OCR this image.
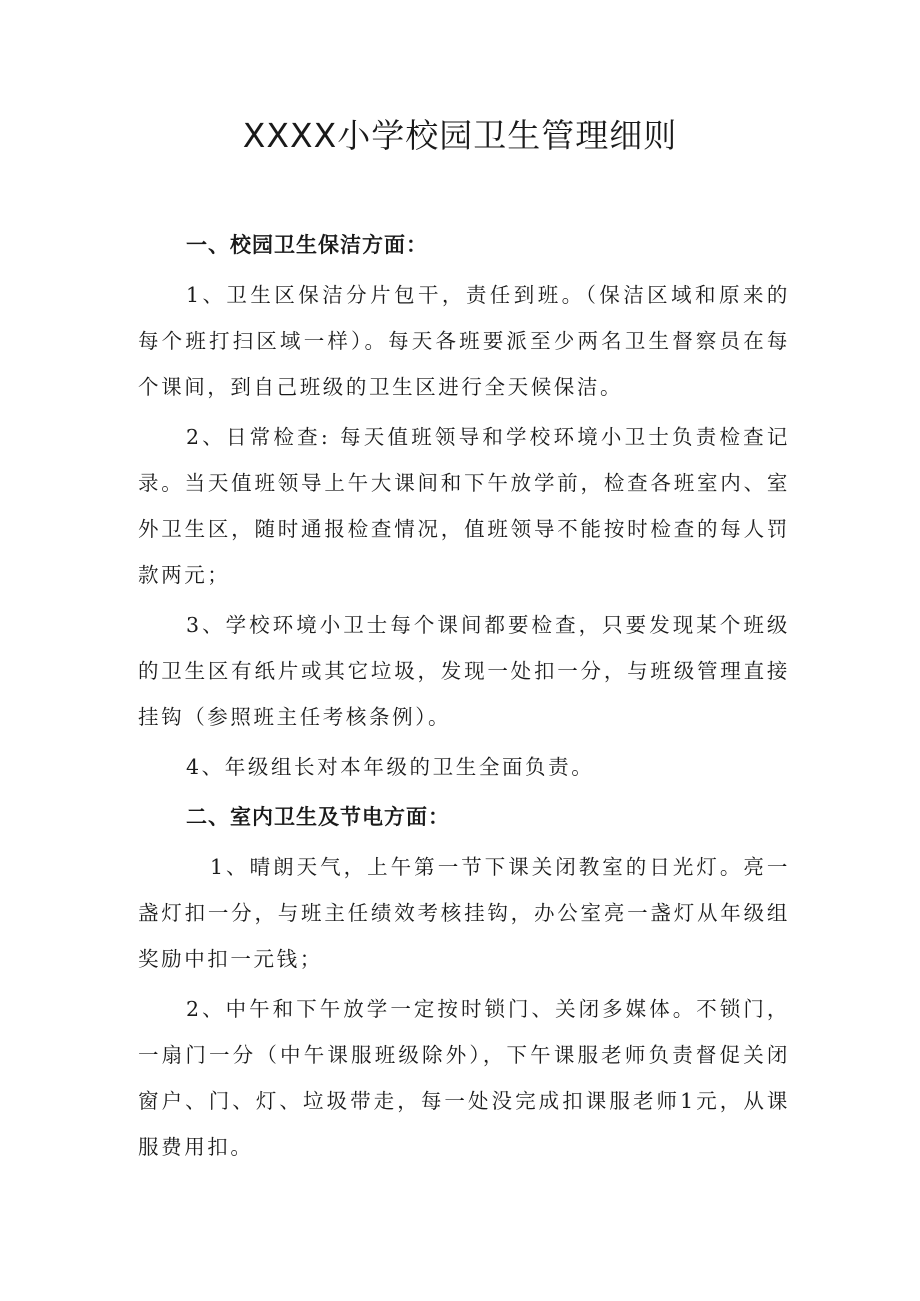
XXXX小学校园卫生管理细则

一、校园卫生保洁方面：

1、卫生区保洁分片包干，责任到班。（保洁区域和原来的每个班打扫区域一样）。每天各班要派至少两名卫生督察员在每个课间，到自己班级的卫生区进行全天候保洁。

2、日常检查: 每天值班领导和学校环境小卫士负责检查记录。当天值班领导上午大课间和下午放学前，检查各班室内、室外卫生区，随时通报检查情况，值班领导不能按时检查的每人罚款两元；

3、学校环境小卫士每个课间都要检查，只要发现某个班级的卫生区有纸片或其它垃圾，发现一处扣一分，与班级管理直接挂钩（参照班主任考核条例）。

4、年级组长对本年级的卫生全面负责。

二、室内卫生及节电方面：

1、晴朗天气，上午第一节下课关闭教室的日光灯。亮一盏灯扣一分，与班主任绩效考核挂钩，办公室亮一盏灯从年级组奖励中扣一元钱；

2、中午和下午放学一定按时锁门、关闭多媒体。不锁门，一扇门一分（中午课服班级除外），下午课服老师负责督促关闭窗户、门、灯、垃圾带走，每一处没完成扣课服老师1元，从课服费用扣。
